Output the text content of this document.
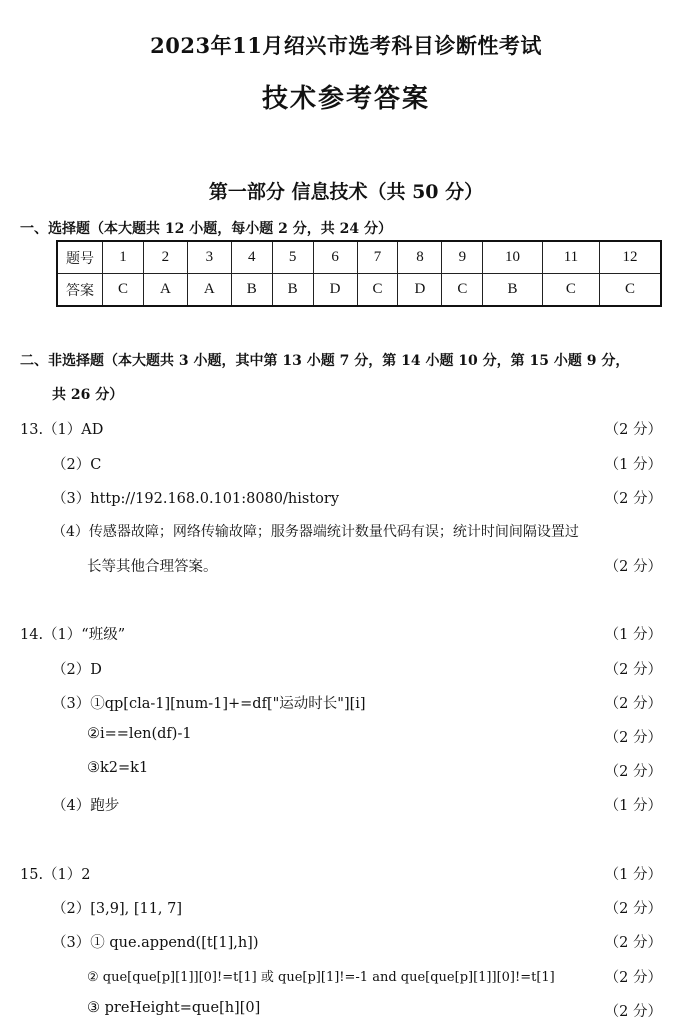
2023年11月绍兴市选考科目诊断性考试
技术参考答案
第一部分 信息技术（共 50 分）
一、选择题（本大题共 12 小题，每小题 2 分，共 24 分）
题号	1	2	3	4	5	6	7	8	9	10	11	12
答案	C	A	A	B	B	D	C	D	C	B	C	C
二、非选择题（本大题共 3 小题，其中第 13 小题 7 分，第 14 小题 10 分，第 15 小题 9 分，
共 26 分）
13.（1）AD	（2 分）
（2）C	（1 分）
（3）http://192.168.0.101:8080/history	（2 分）
（4）传感器故障；网络传输故障；服务器端统计数量代码有误；统计时间间隔设置过
长等其他合理答案。	（2 分）
14.（1）“班级”	（1 分）
（2）D	（2 分）
（3）①qp[cla-1][num-1]+=df["运动时长"][i]	（2 分）
②i==len(df)-1	（2 分）
③k2=k1	（2 分）
（4）跑步	（1 分）
15.（1）2	（1 分）
（2）[3,9], [11, 7]	（2 分）
（3）① que.append([t[1],h])	（2 分）
② que[que[p][1]][0]!=t[1] 或 que[p][1]!=-1 and que[que[p][1]][0]!=t[1]	（2 分）
③ preHeight=que[h][0]	（2 分）
